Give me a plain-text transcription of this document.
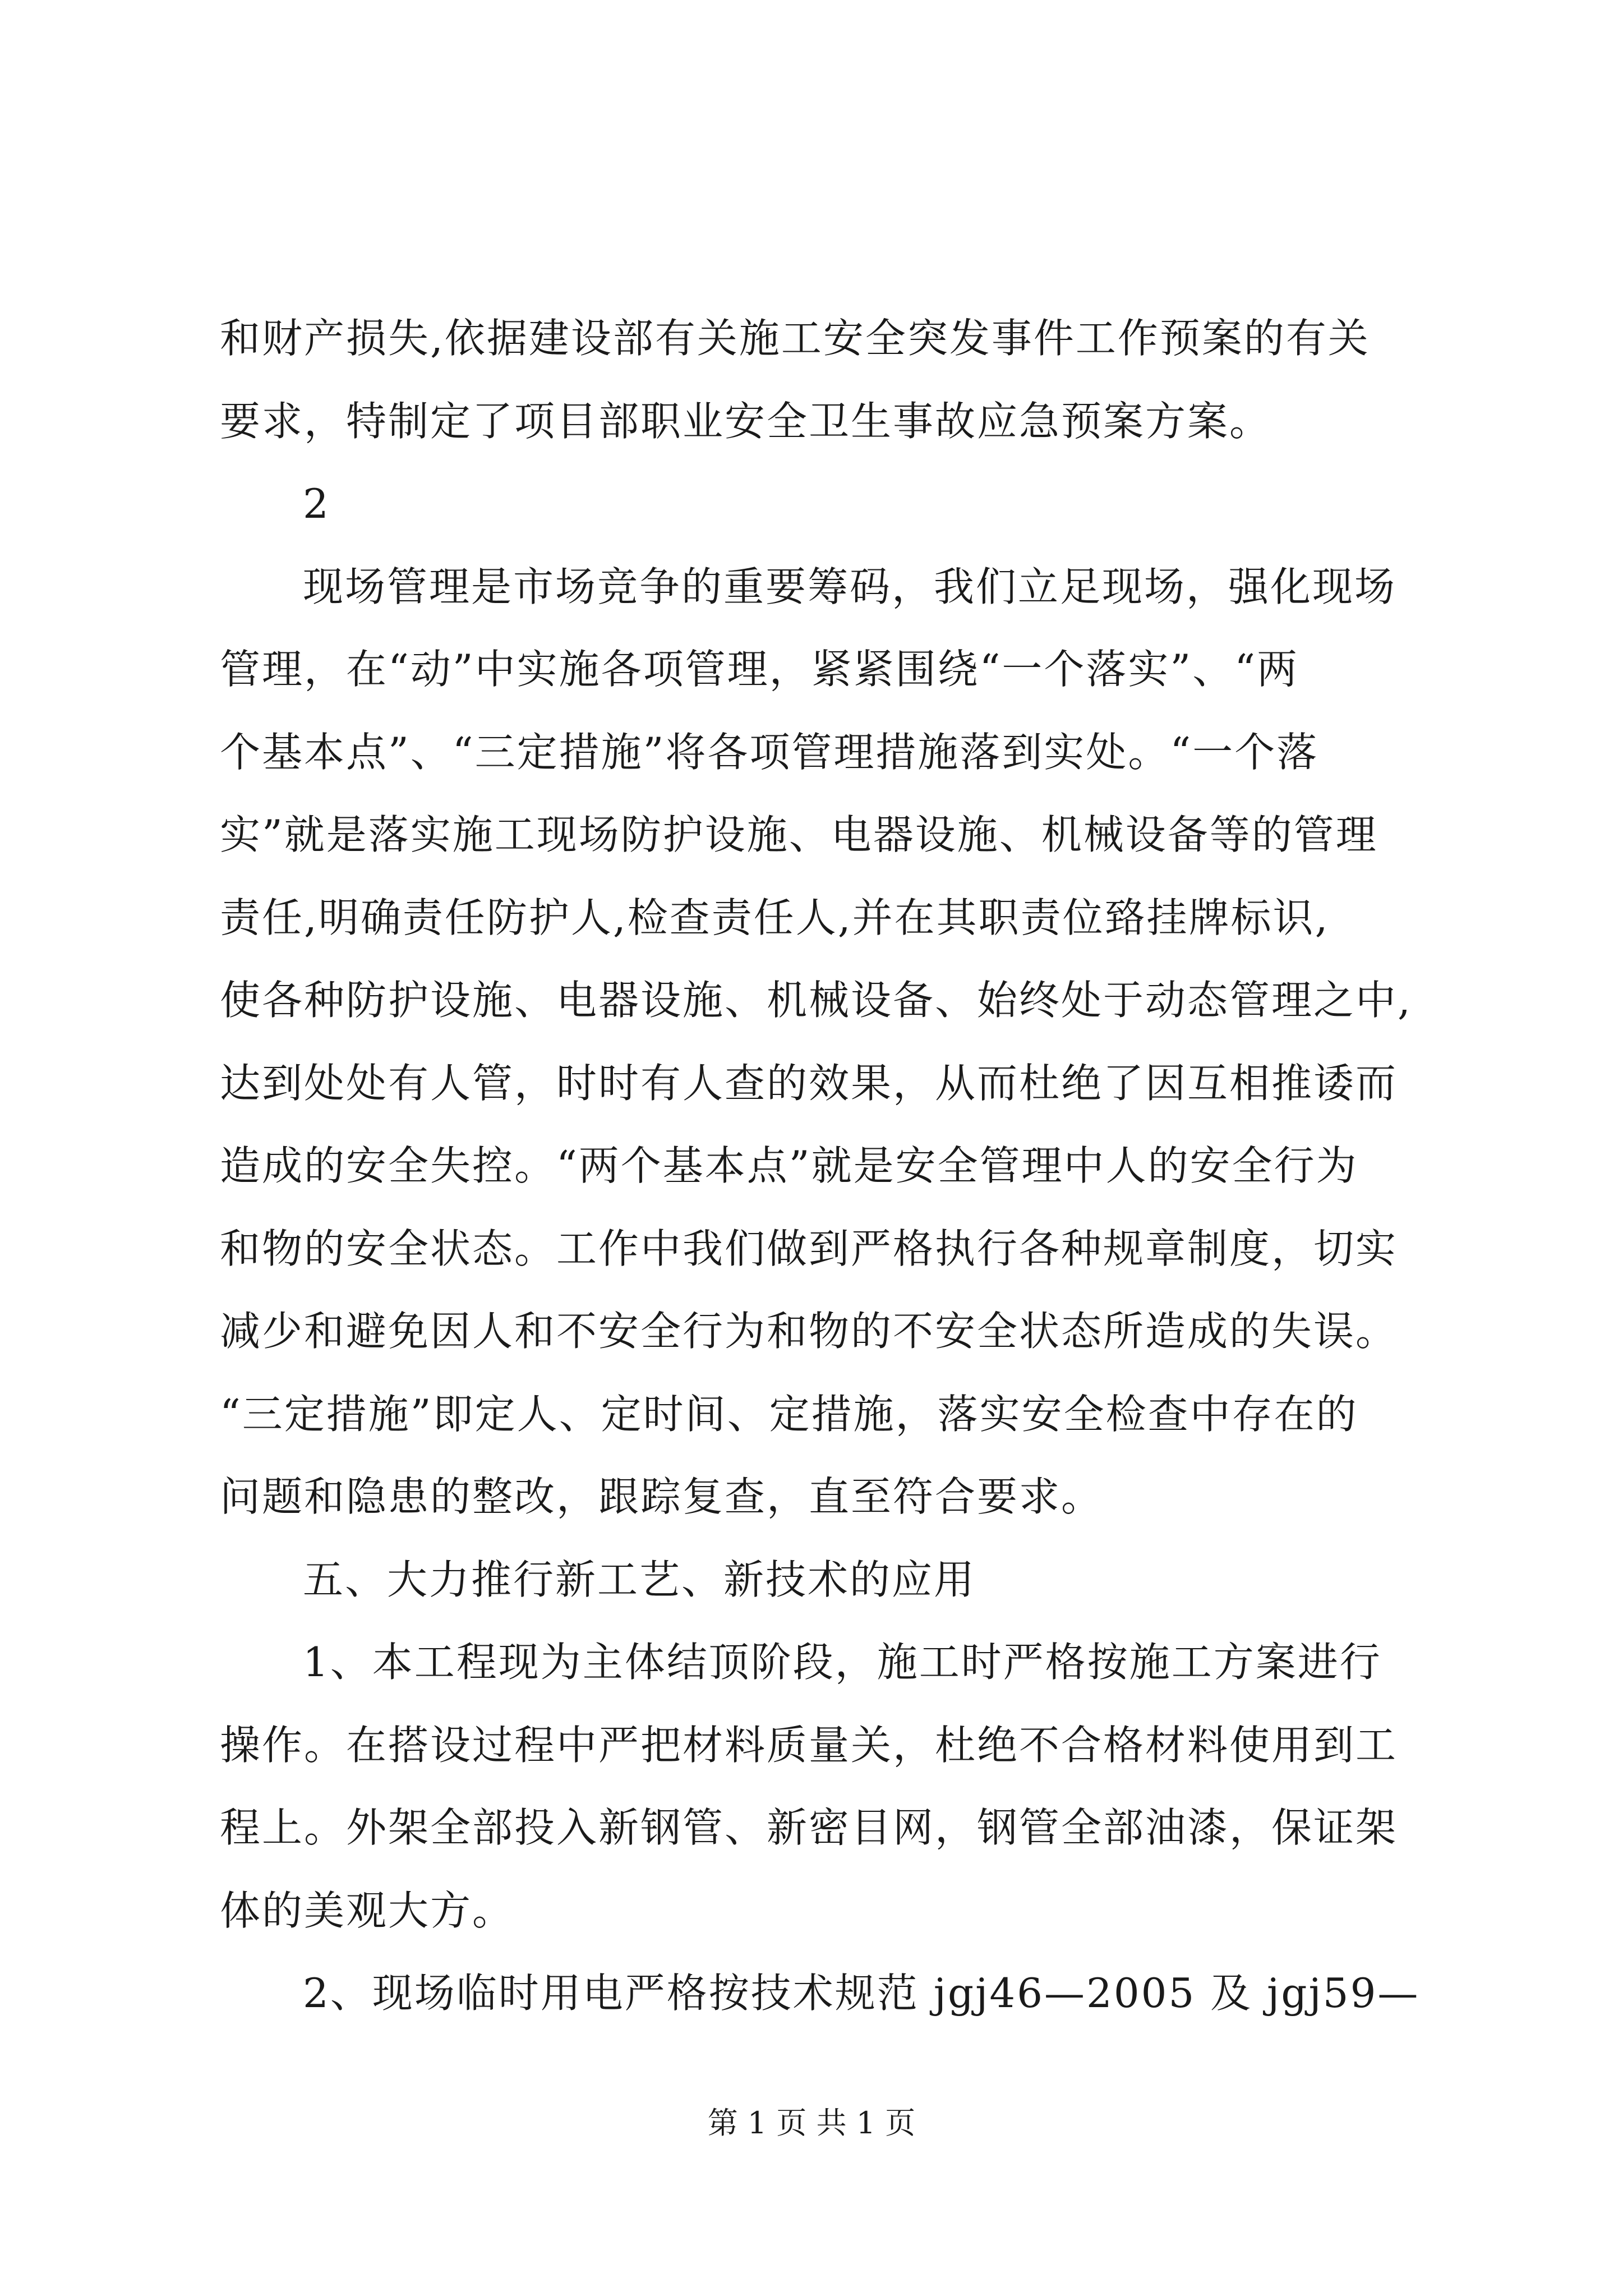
和财产损失,依据建设部有关施工安全突发事件工作预案的有关
要求，特制定了项目部职业安全卫生事故应急预案方案。
2
现场管理是市场竞争的重要筹码，我们立足现场，强化现场
管理，在“动”中实施各项管理，紧紧围绕“一个落实”、“两
个基本点”、“三定措施”将各项管理措施落到实处。“一个落
实”就是落实施工现场防护设施、电器设施、机械设备等的管理
责任,明确责任防护人,检查责任人,并在其职责位臵挂牌标识,
使各种防护设施、电器设施、机械设备、始终处于动态管理之中,
达到处处有人管，时时有人查的效果，从而杜绝了因互相推诿而
造成的安全失控。“两个基本点”就是安全管理中人的安全行为
和物的安全状态。工作中我们做到严格执行各种规章制度，切实
减少和避免因人和不安全行为和物的不安全状态所造成的失误。
“三定措施”即定人、定时间、定措施，落实安全检查中存在的
问题和隐患的整改，跟踪复查，直至符合要求。
五、大力推行新工艺、新技术的应用
1、本工程现为主体结顶阶段，施工时严格按施工方案进行
操作。在搭设过程中严把材料质量关，杜绝不合格材料使用到工
程上。外架全部投入新钢管、新密目网，钢管全部油漆，保证架
体的美观大方。
2、现场临时用电严格按技术规范 jgj46—2005 及 jgj59—
第 1 页 共 1 页
